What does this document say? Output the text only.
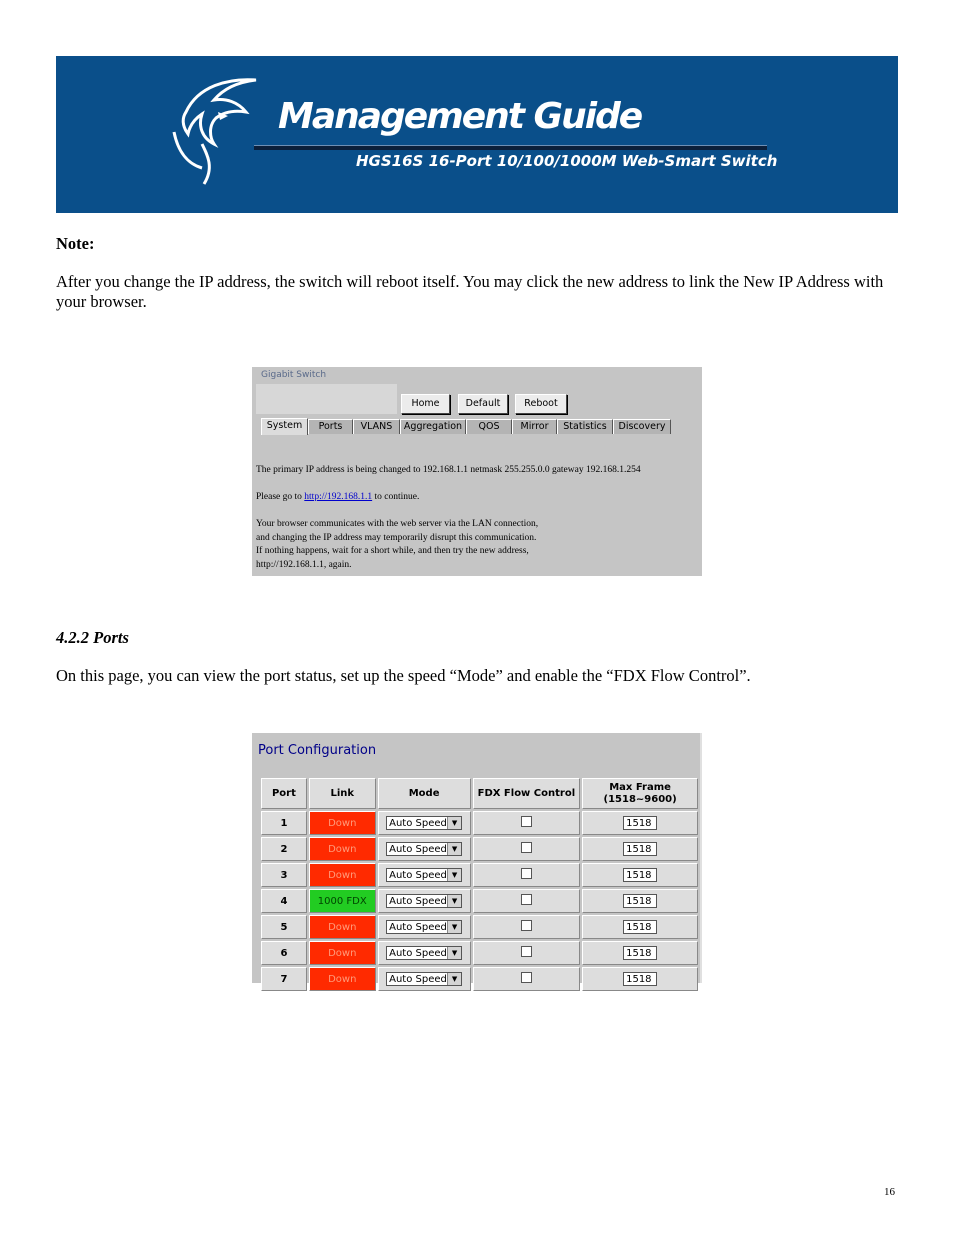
Management Guide
HGS16S 16-Port 10/100/1000M Web-Smart Switch
Note:
After you change the IP address, the switch will reboot itself. You may click the new address to link the New IP Address with your browser.
Gigabit Switch
Home	Default	Reboot
System	Ports	VLANS	Aggregation	QOS	Mirror	Statistics	Discovery
The primary IP address is being changed to 192.168.1.1 netmask 255.255.0.0 gateway 192.168.1.254
Please go to http://192.168.1.1 to continue.
Your browser communicates with the web server via the LAN connection,
and changing the IP address may temporarily disrupt this communication.
If nothing happens, wait for a short while, and then try the new address,
http://192.168.1.1, again.
4.2.2 Ports
On this page, you can view the port status, set up the speed “Mode” and enable the “FDX Flow Control”.
Port Configuration
Port	Link	Mode	FDX Flow Control	Max Frame
(1518~9600)
1	Down	Auto Speed ▼		1518
2	Down	Auto Speed ▼		1518
3	Down	Auto Speed ▼		1518
4	1000 FDX	Auto Speed ▼		1518
5	Down	Auto Speed ▼		1518
6	Down	Auto Speed ▼		1518
7	Down	Auto Speed ▼		1518
16
